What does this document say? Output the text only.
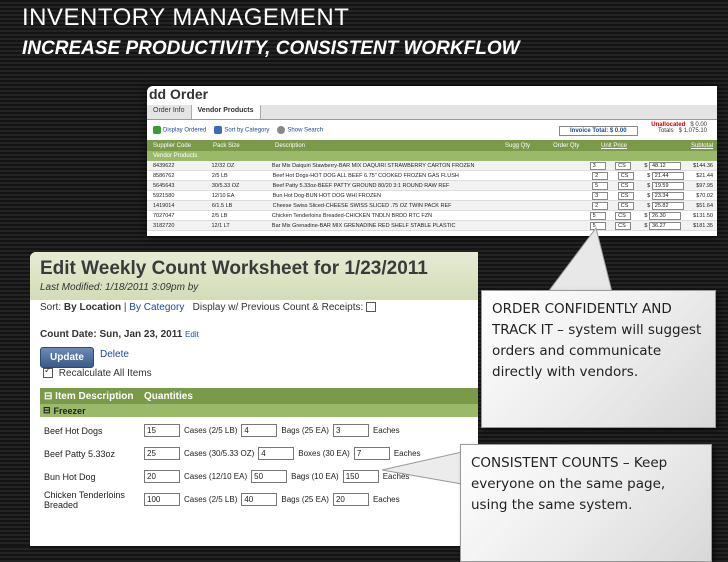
INVENTORY MANAGEMENT
INCREASE PRODUCTIVITY, CONSISTENT WORKFLOW
dd Order
Order Info	Vendor Products
Display Ordered	Sort by Category	Show Search	Invoice Total: $ 0.00
Unallocated $ 0.00
Totals $ 1,075.10
Supplier Code	Pack Size	Description	Sugg Qty	Order Qty	Unit Price	Subtotal
Vendor Products
8439622	12/32 OZ	Bar Mix Daiquiri Stawberry-BAR MIX DAQUIRI STRAWBERRY CARTON FROZEN	3	CS	$ 48.12	$144.36
8586762	2/5 LB	Beef Hot Dogs-HOT DOG ALL BEEF 6.75" COOKED FROZEN GAS FLUSH	2	CS	$ 21.44	$21.44
5645643	30/5.33 OZ	Beef Patty 5.33oz-BEEF PATTY GROUND 80/20 3:1 ROUND RAW REF	5	CS	$ 19.59	$97.95
5921580	12/10 EA	Bun Hot Dog-BUN HOT DOG WHI FROZEN	3	CS	$ 23.34	$70.02
1419014	6/1.5 LB	Cheese Swiss Sliced-CHEESE SWISS SLICED .75 OZ TWIN PACK REF	2	CS	$ 25.82	$51.64
7027047	2/5 LB	Chicken Tenderloins Breaded-CHICKEN TNDLN BRDD RTC FZN	5	CS	$ 26.30	$131.50
3182720	12/1 LT	Bar Mix Grenadine-BAR MIX GRENADINE RED SHELF STABLE PLASTIC	5	CS	$ 36.27	$181.35
Edit Weekly Count Worksheet for 1/23/2011
Last Modified: 1/18/2011 3:09pm by
Sort: By Location | By Category Display w/ Previous Count & Receipts:
Count Date: Sun, Jan 23, 2011 Edit
Update	Delete
✓ Recalculate All Items
⊟ Item Description	Quantities
⊟ Freezer
Beef Hot Dogs	15	Cases (2/5 LB) 4	Bags (25 EA) 3	Eaches
Beef Patty 5.33oz	25	Cases (30/5.33 OZ) 4	Boxes (30 EA) 7	Eaches
Bun Hot Dog	20	Cases (12/10 EA) 50	Bags (10 EA) 150	Eaches
Chicken Tenderloins Breaded	100	Cases (2/5 LB) 40	Bags (25 EA) 20	Eaches
ORDER CONFIDENTLY AND TRACK IT – system will suggest orders and communicate directly with vendors.
CONSISTENT COUNTS – Keep everyone on the same page, using the same system.
